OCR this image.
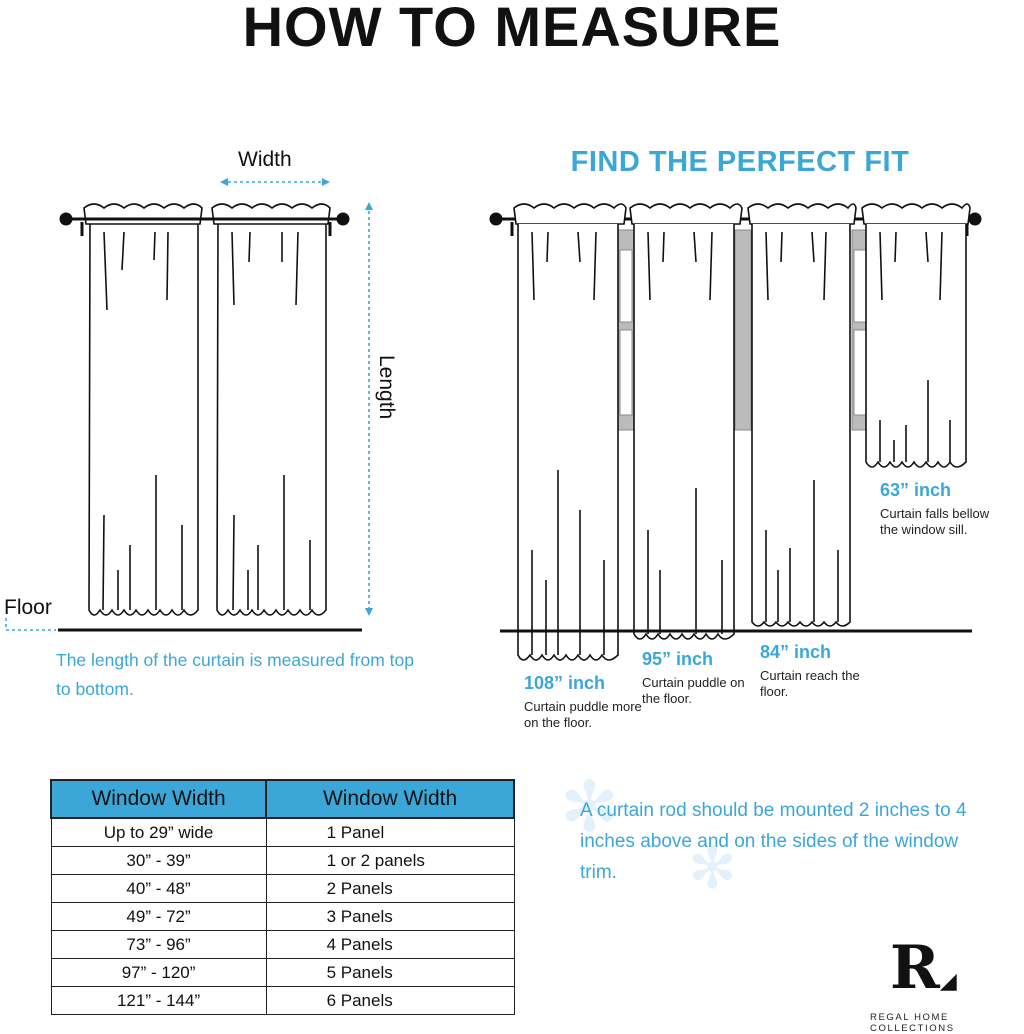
HOW TO MEASURE
Width
Length
Floor
The length of the curtain is measured from top to bottom.
FIND THE PERFECT FIT
108” inch
Curtain puddle more on the floor.
95” inch
Curtain puddle on the floor.
84” inch
Curtain reach the floor.
63” inch
Curtain falls bellow the window sill.
Window Width	Window Width
Up to 29” wide	1 Panel
30” - 39”	1 or 2 panels
40” - 48”	2 Panels
49” - 72”	3 Panels
73” - 96”	4 Panels
97” - 120”	5 Panels
121” - 144”	6 Panels
✻
✻
A curtain rod should be mounted 2 inches to 4 inches above and on the sides of the window trim.
R◢
REGAL HOME COLLECTIONS
